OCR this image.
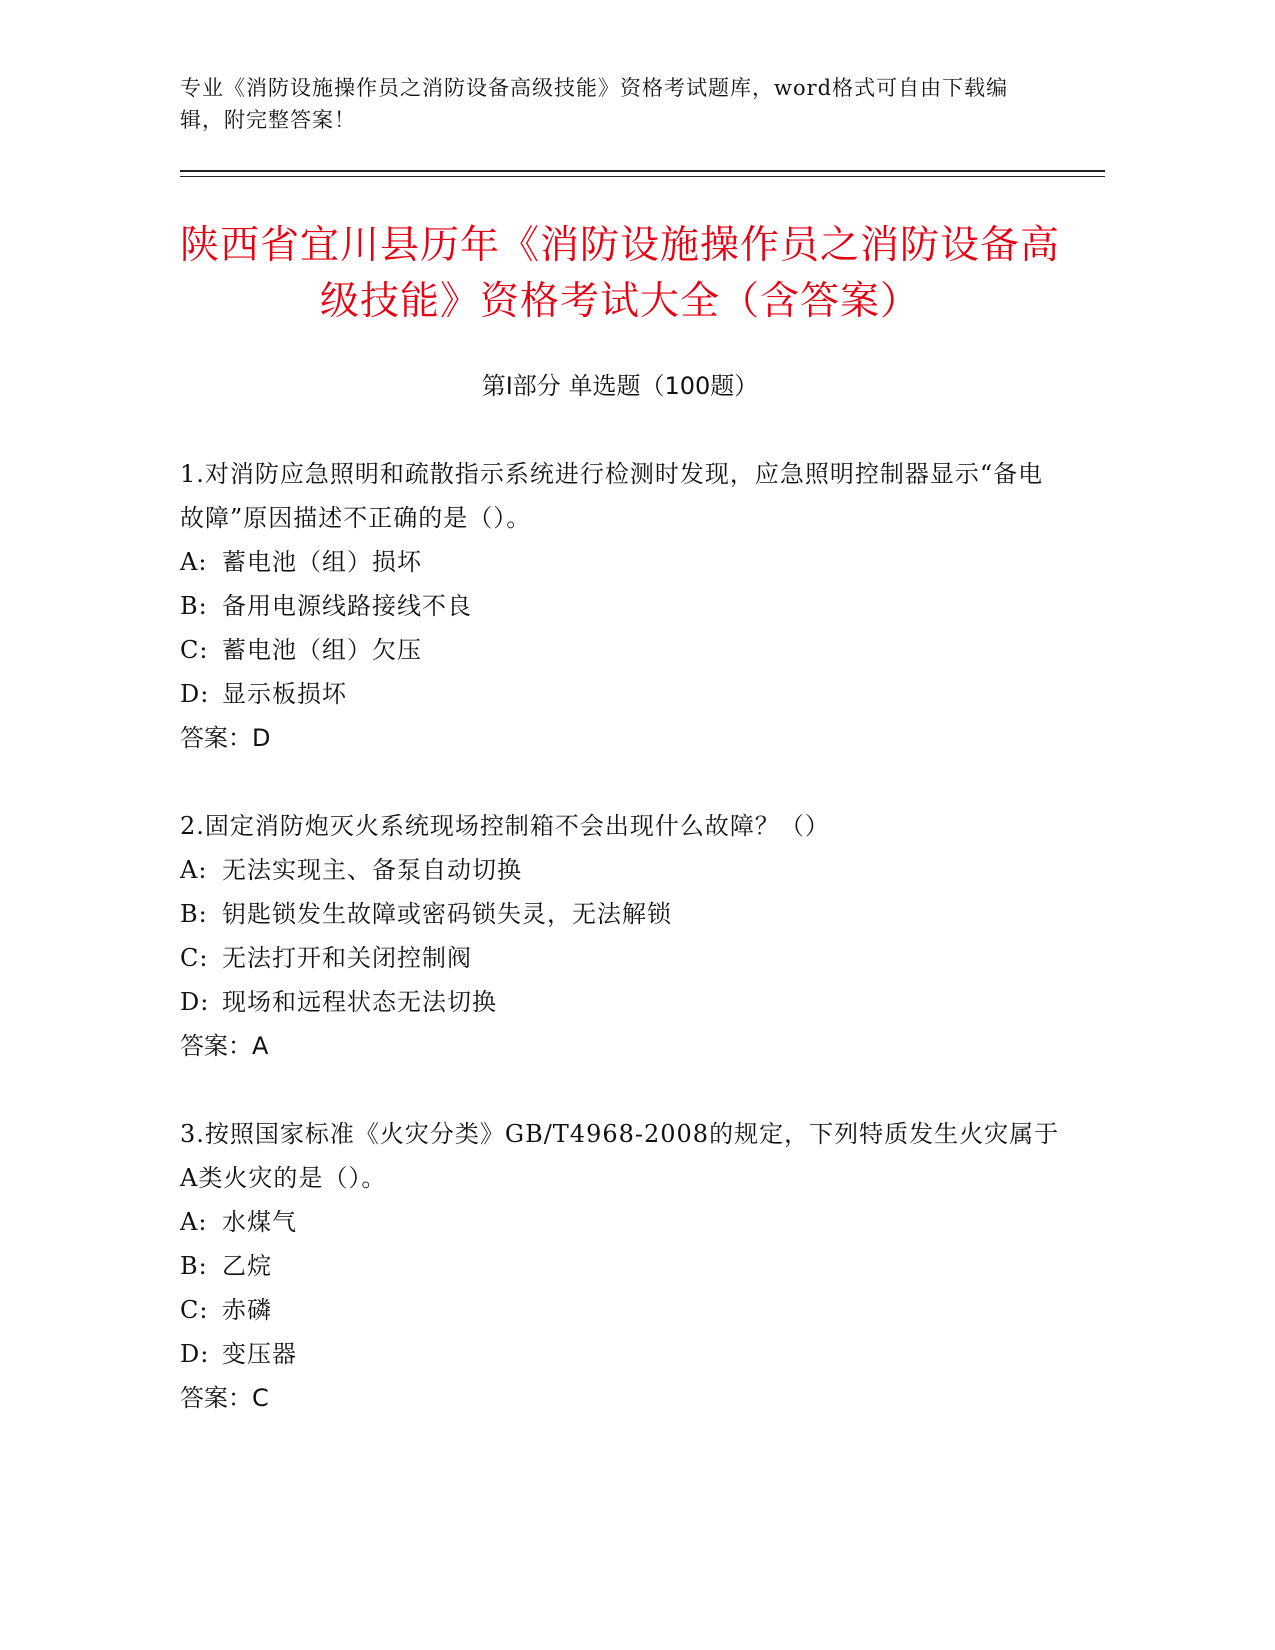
专业《消防设施操作员之消防设备高级技能》资格考试题库，word格式可自由下载编辑，附完整答案！
陕西省宜川县历年《消防设施操作员之消防设备高级技能》资格考试大全（含答案）
第I部分 单选题（100题）
1.对消防应急照明和疏散指示系统进行检测时发现，应急照明控制器显示“备电故障”原因描述不正确的是（）。
A: 蓄电池（组）损坏
B: 备用电源线路接线不良
C: 蓄电池（组）欠压
D: 显示板损坏
答案：D
2.固定消防炮灭火系统现场控制箱不会出现什么故障？（）
A: 无法实现主、备泵自动切换
B: 钥匙锁发生故障或密码锁失灵，无法解锁
C: 无法打开和关闭控制阀
D: 现场和远程状态无法切换
答案：A
3.按照国家标准《火灾分类》GB/T4968-2008的规定，下列特质发生火灾属于A类火灾的是（）。
A: 水煤气
B: 乙烷
C: 赤磷
D: 变压器
答案：C
